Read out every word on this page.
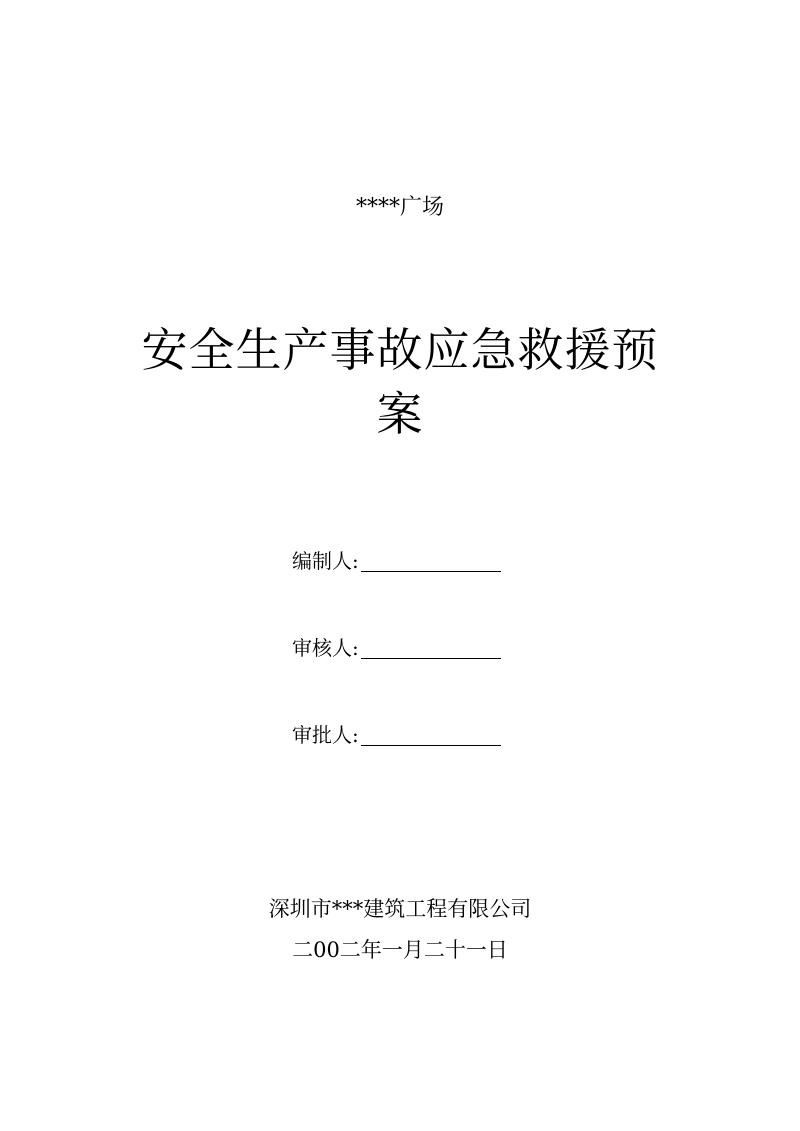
****广场
安全生产事故应急救援预
案
编制人:
审核人:
审批人:
深圳市***建筑工程有限公司
二00二年一月二十一日
